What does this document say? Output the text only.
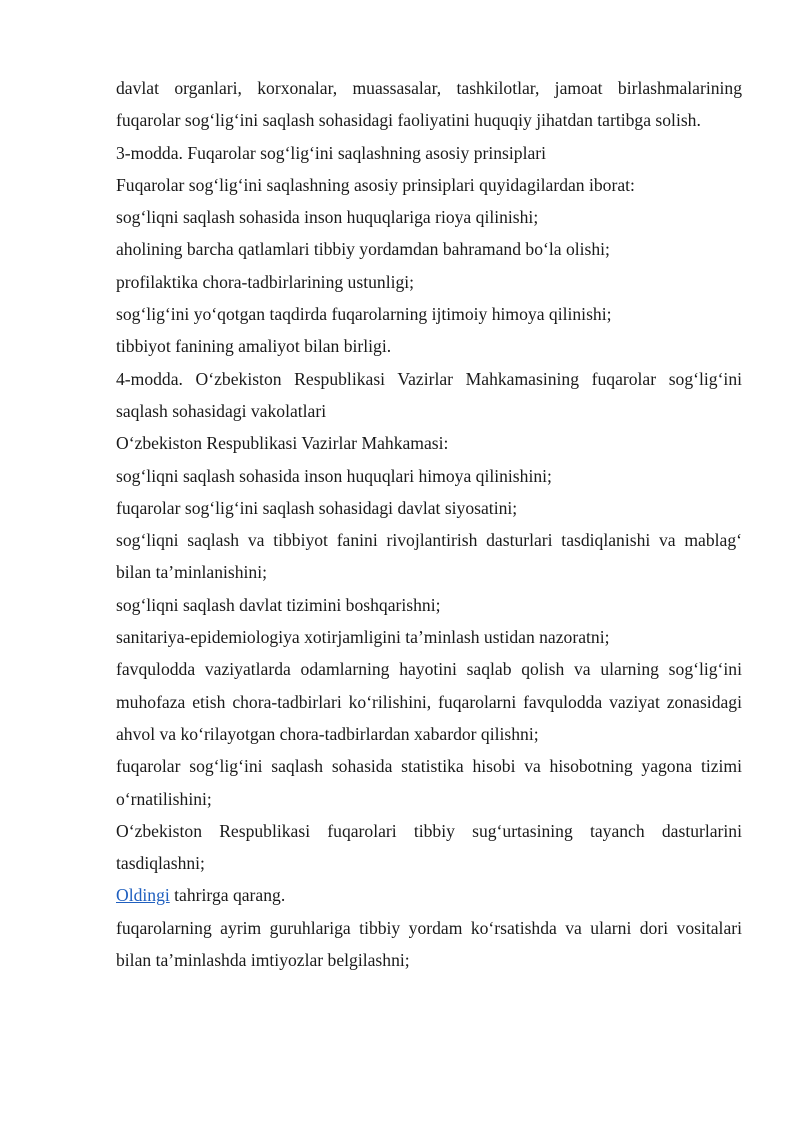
davlat organlari, korxonalar, muassasalar, tashkilotlar, jamoat birlashmalarining fuqarolar sog‘lig‘ini saqlash sohasidagi faoliyatini huquqiy jihatdan tartibga solish.

3-modda. Fuqarolar sog‘lig‘ini saqlashning asosiy prinsiplari

Fuqarolar sog‘lig‘ini saqlashning asosiy prinsiplari quyidagilardan iborat:

sog‘liqni saqlash sohasida inson huquqlariga rioya qilinishi;

aholining barcha qatlamlari tibbiy yordamdan bahramand bo‘la olishi;

profilaktika chora-tadbirlarining ustunligi;

sog‘lig‘ini yo‘qotgan taqdirda fuqarolarning ijtimoiy himoya qilinishi;

tibbiyot fanining amaliyot bilan birligi.

4-modda. O‘zbekiston Respublikasi Vazirlar Mahkamasining fuqarolar sog‘lig‘ini saqlash sohasidagi vakolatlari

O‘zbekiston Respublikasi Vazirlar Mahkamasi:

sog‘liqni saqlash sohasida inson huquqlari himoya qilinishini;

fuqarolar sog‘lig‘ini saqlash sohasidagi davlat siyosatini;

sog‘liqni saqlash va tibbiyot fanini rivojlantirish dasturlari tasdiqlanishi va mablag‘ bilan ta’minlanishini;

sog‘liqni saqlash davlat tizimini boshqarishni;

sanitariya-epidemiologiya xotirjamligini ta’minlash ustidan nazoratni;

favqulodda vaziyatlarda odamlarning hayotini saqlab qolish va ularning sog‘lig‘ini muhofaza etish chora-tadbirlari ko‘rilishini, fuqarolarni favqulodda vaziyat zonasidagi ahvol va ko‘rilayotgan chora-tadbirlardan xabardor qilishni;

fuqarolar sog‘lig‘ini saqlash sohasida statistika hisobi va hisobotning yagona tizimi o‘rnatilishini;

O‘zbekiston Respublikasi fuqarolari tibbiy sug‘urtasining tayanch dasturlarini tasdiqlashni;

Oldingi tahrirga qarang.

fuqarolarning ayrim guruhlariga tibbiy yordam ko‘rsatishda va ularni dori vositalari bilan ta’minlashda imtiyozlar belgilashni;
